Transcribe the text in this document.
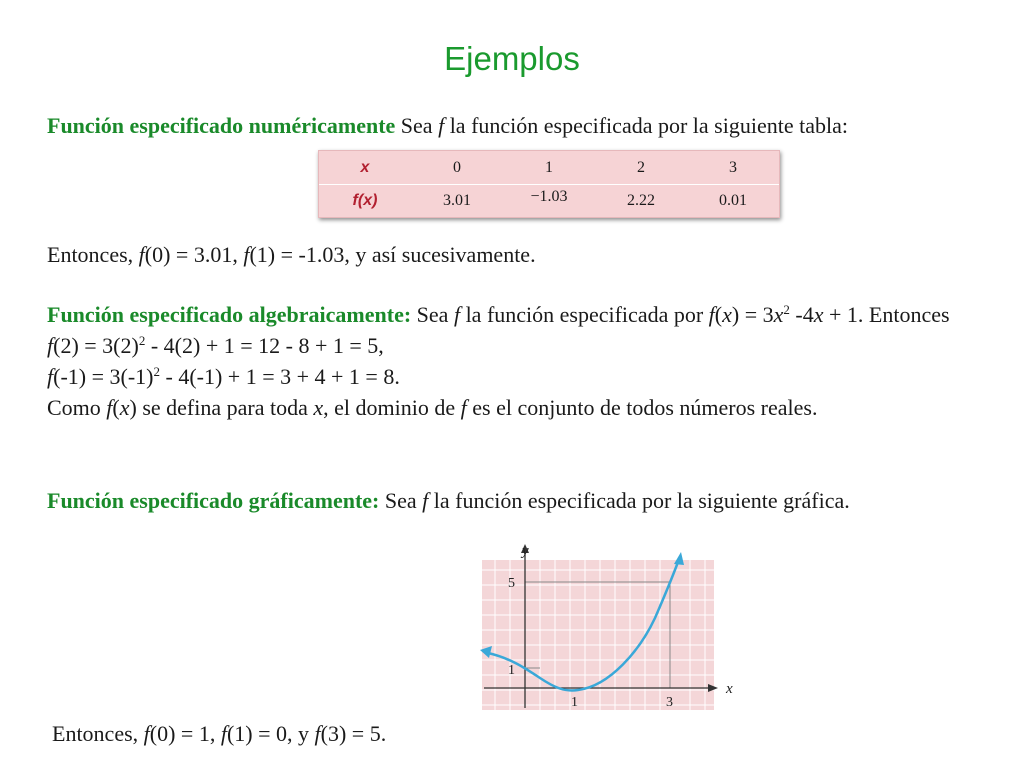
Ejemplos

Función especificado numéricamente Sea f la función especificada por la siguiente tabla:

x	0	1	2	3
f(x)	3.01	−1.03	2.22	0.01

Entonces, f(0) = 3.01, f(1) = -1.03, y así sucesivamente.

Función especificado algebraicamente: Sea f la función especificada por $f(x) = 3x^2$ -4x + 1. Entonces
$f(2) = 3(2)^2 - 4(2) + 1 = 12 - 8 + 1 = 5$,
$f(-1) = 3(-1)^2 - 4(-1) + 1 = 3 + 4 + 1 = 8$.
Como f(x) se defina para toda x, el dominio de f es el conjunto de todos números reales.

Función especificado gráficamente: Sea f la función especificada por la siguiente gráfica.

y
x
5
1
1	3

Entonces, f(0) = 1, f(1) = 0, y f(3) = 5.
